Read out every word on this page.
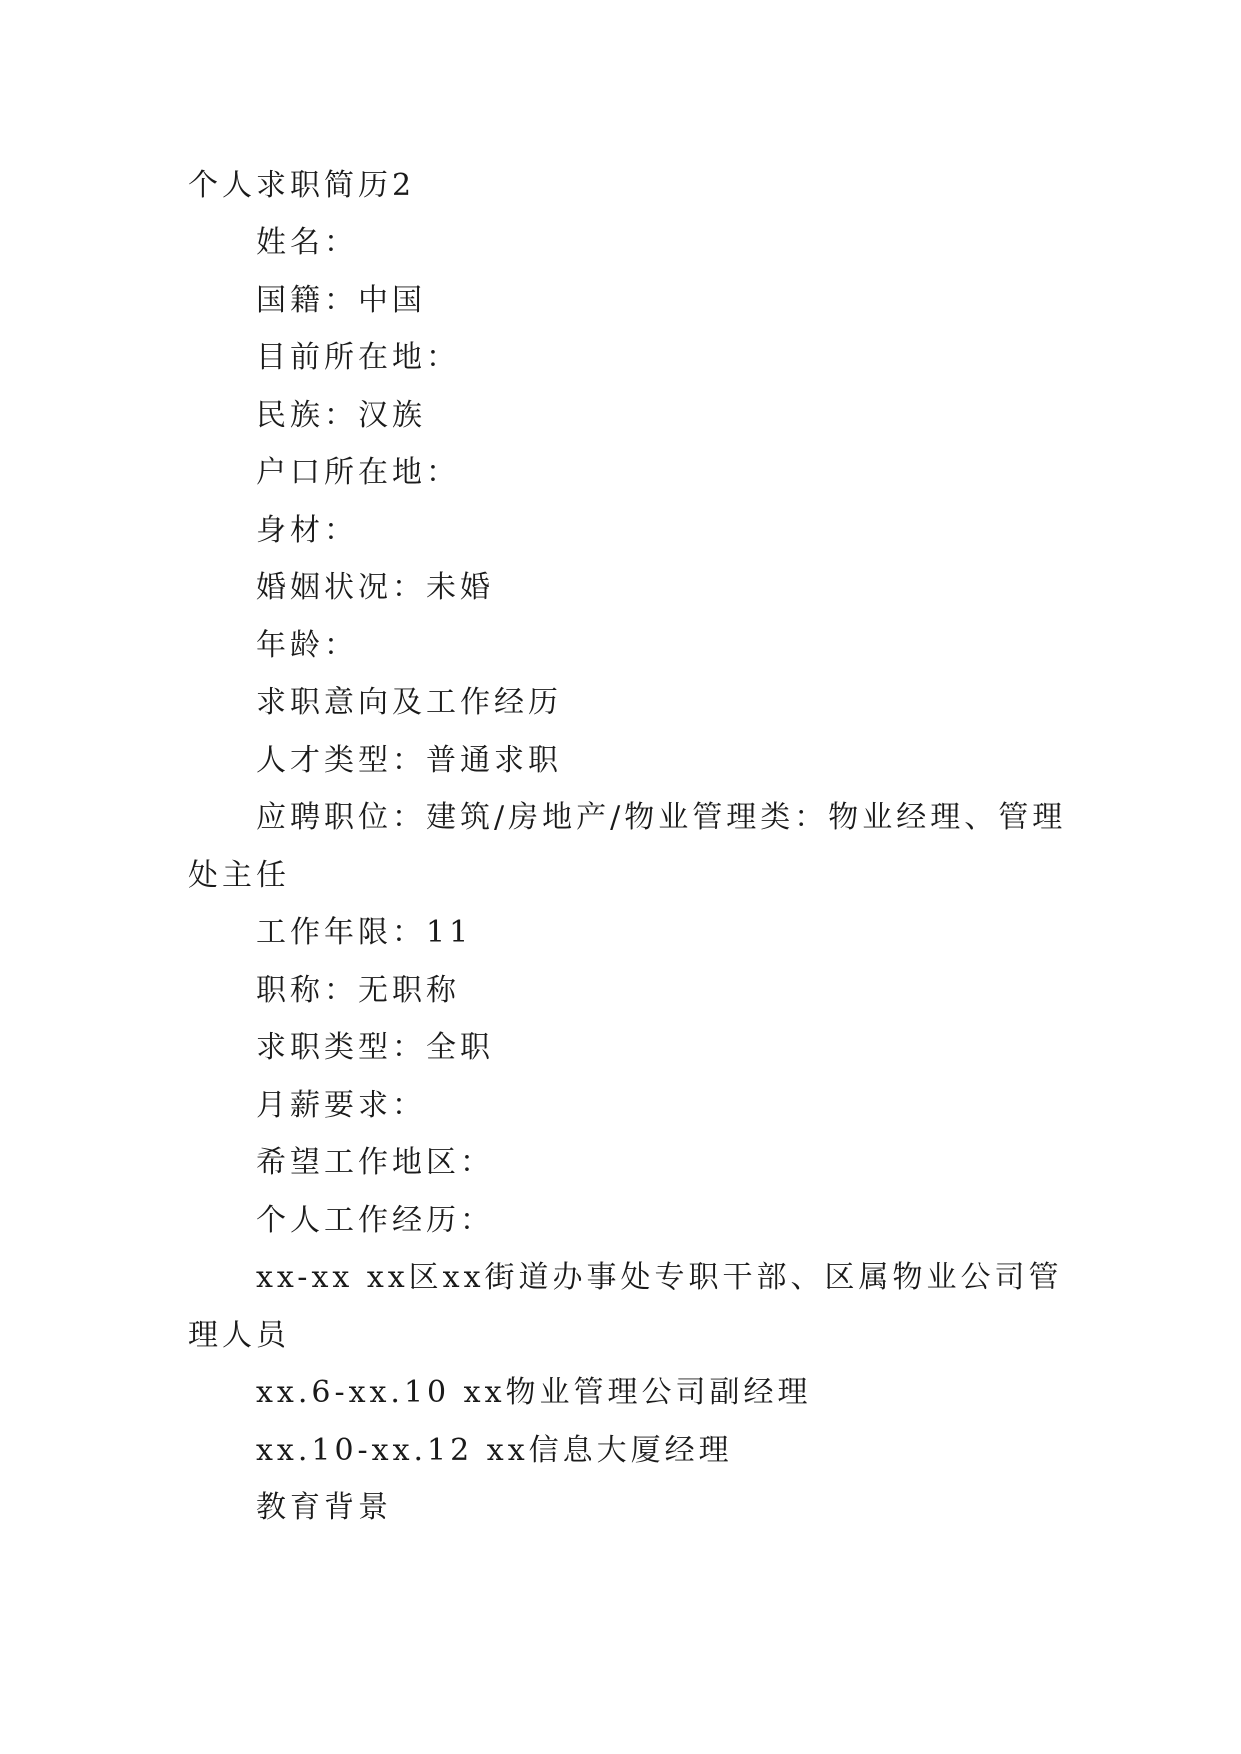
个人求职简历2
姓名：
国籍：中国
目前所在地：
民族：汉族
户口所在地：
身材：
婚姻状况：未婚
年龄：
求职意向及工作经历
人才类型：普通求职
应聘职位：建筑/房地产/物业管理类：物业经理、管理
处主任
工作年限：11
职称：无职称
求职类型：全职
月薪要求：
希望工作地区：
个人工作经历：
xx-xx xx区xx街道办事处专职干部、区属物业公司管
理人员
xx.6-xx.10 xx物业管理公司副经理
xx.10-xx.12 xx信息大厦经理
教育背景
